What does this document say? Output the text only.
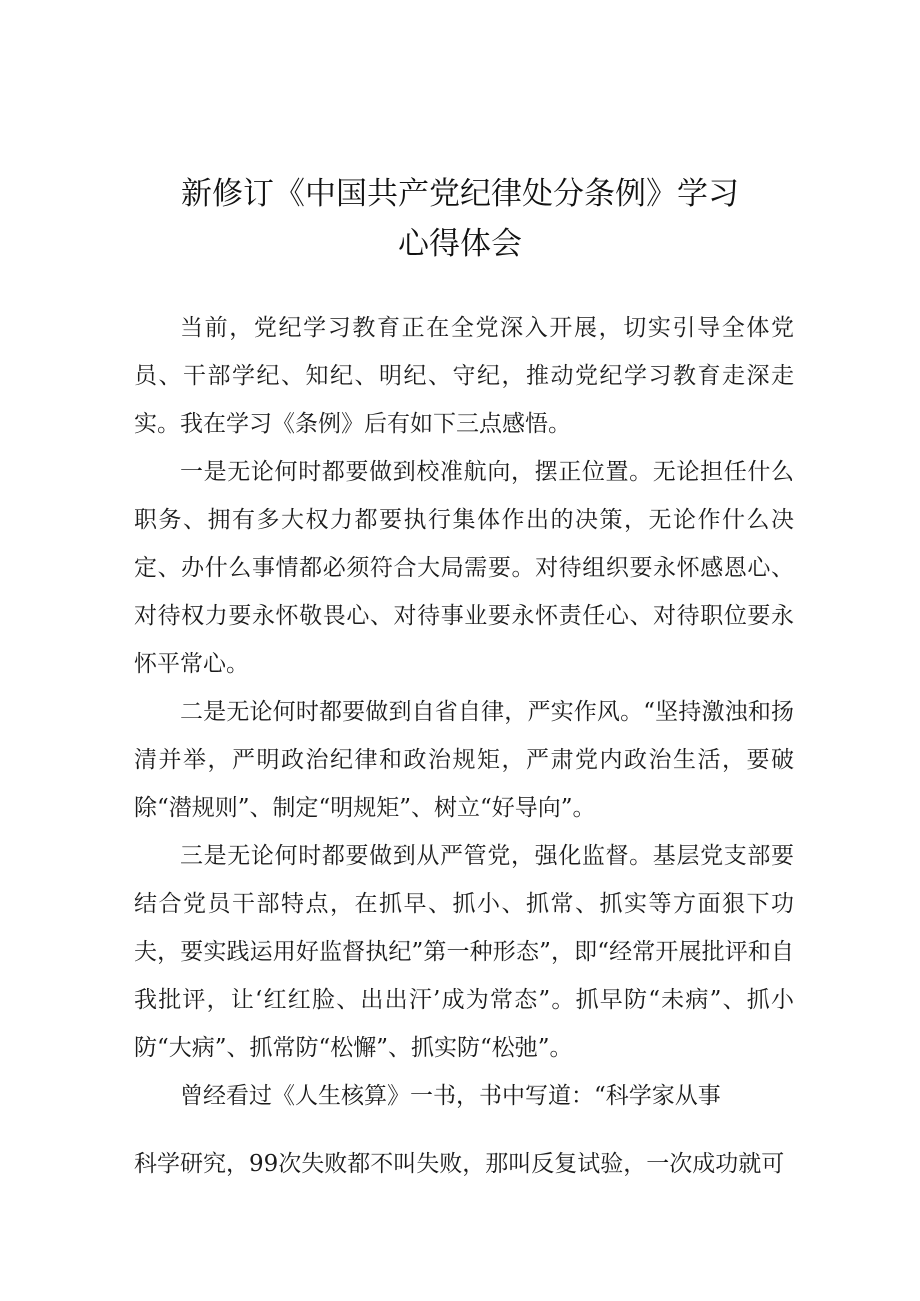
新修订《中国共产党纪律处分条例》学习
心得体会

当前，党纪学习教育正在全党深入开展，切实引导全体党员、干部学纪、知纪、明纪、守纪，推动党纪学习教育走深走实。我在学习《条例》后有如下三点感悟。

一是无论何时都要做到校准航向，摆正位置。无论担任什么职务、拥有多大权力都要执行集体作出的决策，无论作什么决定、办什么事情都必须符合大局需要。对待组织要永怀感恩心、对待权力要永怀敬畏心、对待事业要永怀责任心、对待职位要永怀平常心。

二是无论何时都要做到自省自律，严实作风。“坚持激浊和扬清并举，严明政治纪律和政治规矩，严肃党内政治生活，要破除“潜规则”、制定“明规矩”、树立“好导向”。

三是无论何时都要做到从严管党，强化监督。基层党支部要结合党员干部特点，在抓早、抓小、抓常、抓实等方面狠下功夫，要实践运用好监督执纪”第一种形态”，即“经常开展批评和自我批评，让‘红红脸、出出汗’成为常态”。抓早防“未病”、抓小防“大病”、抓常防“松懈”、抓实防“松弛”。

曾经看过《人生核算》一书，书中写道：“科学家从事

科学研究，99次失败都不叫失败，那叫反复试验，一次成功就可
